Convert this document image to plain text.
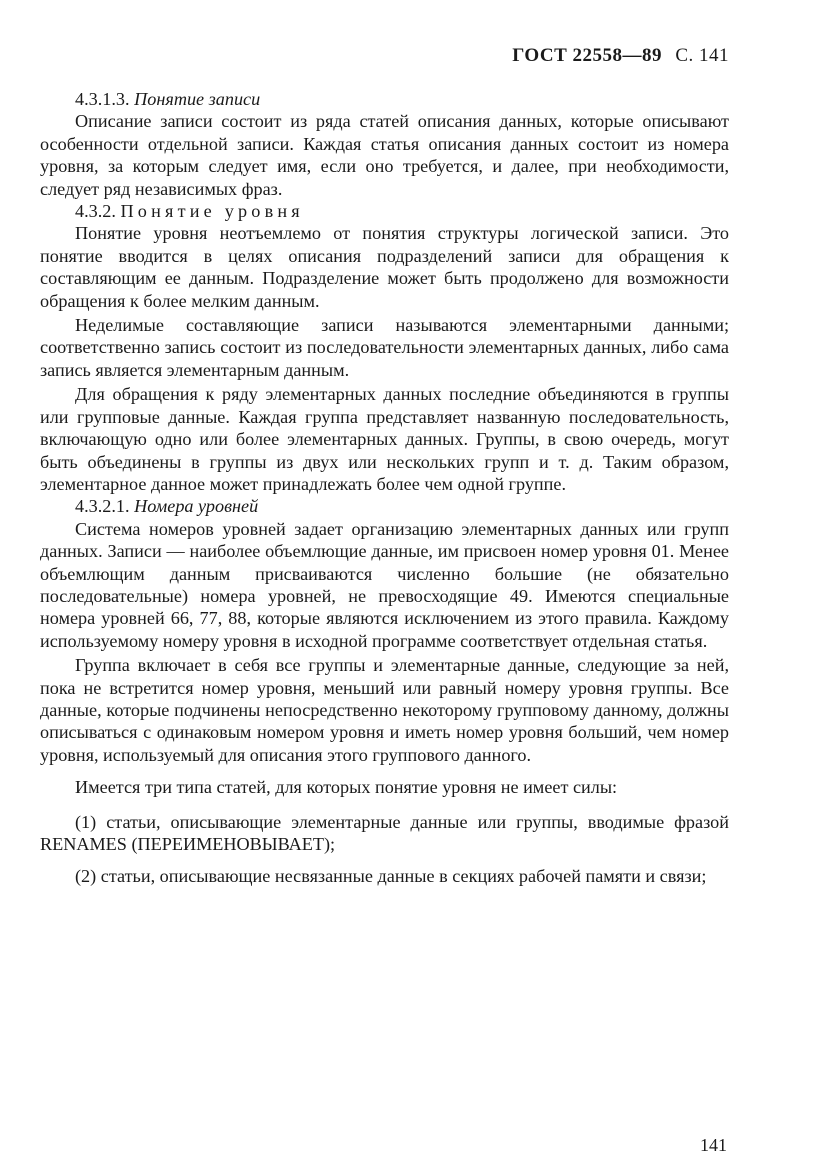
ГОСТ 22558—89 С. 141

4.3.1.3. Понятие записи

Описание записи состоит из ряда статей описания данных, которые описывают особенности отдельной записи. Каждая статья описания данных состоит из номера уровня, за которым следует имя, если оно требуется, и далее, при необходимости, следует ряд независимых фраз.

4.3.2. Понятие уровня

Понятие уровня неотъемлемо от понятия структуры логической записи. Это понятие вводится в целях описания подразделений записи для обращения к составляющим ее данным. Подразделение может быть продолжено для возможности обращения к более мелким данным.

Неделимые составляющие записи называются элементарными данными; соответственно запись состоит из последовательности элементарных данных, либо сама запись является элементарным данным.

Для обращения к ряду элементарных данных последние объединяются в группы или групповые данные. Каждая группа представляет названную последовательность, включающую одно или более элементарных данных. Группы, в свою очередь, могут быть объединены в группы из двух или нескольких групп и т. д. Таким образом, элементарное данное может принадлежать более чем одной группе.

4.3.2.1. Номера уровней

Система номеров уровней задает организацию элементарных данных или групп данных. Записи — наиболее объемлющие данные, им присвоен номер уровня 01. Менее объемлющим данным присваиваются численно большие (не обязательно последовательные) номера уровней, не превосходящие 49. Имеются специальные номера уровней 66, 77, 88, которые являются исключением из этого правила. Каждому используемому номеру уровня в исходной программе соответствует отдельная статья.

Группа включает в себя все группы и элементарные данные, следующие за ней, пока не встретится номер уровня, меньший или равный номеру уровня группы. Все данные, которые подчинены непосредственно некоторому групповому данному, должны описываться с одинаковым номером уровня и иметь номер уровня больший, чем номер уровня, используемый для описания этого группового данного.

Имеется три типа статей, для которых понятие уровня не имеет силы:

(1) статьи, описывающие элементарные данные или группы, вводимые фразой RENAMES (ПЕРЕИМЕНОВЫВАЕТ);

(2) статьи, описывающие несвязанные данные в секциях рабочей памяти и связи;

141
